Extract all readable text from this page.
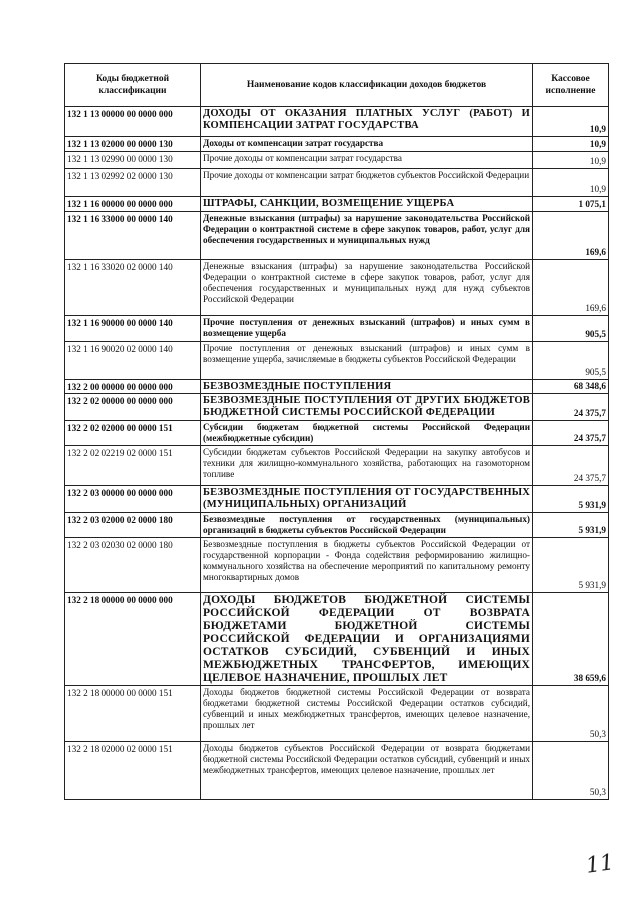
Коды бюджетной классификации	Наименование кодов классификации доходов бюджетов	Кассовое исполнение
132 1 13 00000 00 0000 000	ДОХОДЫ ОТ ОКАЗАНИЯ ПЛАТНЫХ УСЛУГ (РАБОТ) И КОМПЕНСАЦИИ ЗАТРАТ ГОСУДАРСТВА	10,9
132 1 13 02000 00 0000 130	Доходы от компенсации затрат государства	10,9
132 1 13 02990 00 0000 130	Прочие доходы от компенсации затрат государства	10,9
132 1 13 02992 02 0000 130	Прочие доходы от компенсации затрат бюджетов субъектов Российской Федерации	10,9
132 1 16 00000 00 0000 000	ШТРАФЫ, САНКЦИИ, ВОЗМЕЩЕНИЕ УЩЕРБА	1 075,1
132 1 16 33000 00 0000 140	Денежные взыскания (штрафы) за нарушение законодательства Российской Федерации о контрактной системе в сфере закупок товаров, работ, услуг для обеспечения государственных и муниципальных нужд	169,6
132 1 16 33020 02 0000 140	Денежные взыскания (штрафы) за нарушение законодательства Российской Федерации о контрактной системе в сфере закупок товаров, работ, услуг для обеспечения государственных и муниципальных нужд для нужд субъектов Российской Федерации	169,6
132 1 16 90000 00 0000 140	Прочие поступления от денежных взысканий (штрафов) и иных сумм в возмещение ущерба	905,5
132 1 16 90020 02 0000 140	Прочие поступления от денежных взысканий (штрафов) и иных сумм в возмещение ущерба, зачисляемые в бюджеты субъектов Российской Федерации	905,5
132 2 00 00000 00 0000 000	БЕЗВОЗМЕЗДНЫЕ ПОСТУПЛЕНИЯ	68 348,6
132 2 02 00000 00 0000 000	БЕЗВОЗМЕЗДНЫЕ ПОСТУПЛЕНИЯ ОТ ДРУГИХ БЮДЖЕТОВ БЮДЖЕТНОЙ СИСТЕМЫ РОССИЙСКОЙ ФЕДЕРАЦИИ	24 375,7
132 2 02 02000 00 0000 151	Субсидии бюджетам бюджетной системы Российской Федерации (межбюджетные субсидии)	24 375,7
132 2 02 02219 02 0000 151	Субсидии бюджетам субъектов Российской Федерации на закупку автобусов и техники для жилищно-коммунального хозяйства, работающих на газомоторном топливе	24 375,7
132 2 03 00000 00 0000 000	БЕЗВОЗМЕЗДНЫЕ ПОСТУПЛЕНИЯ ОТ ГОСУДАРСТВЕННЫХ (МУНИЦИПАЛЬНЫХ) ОРГАНИЗАЦИЙ	5 931,9
132 2 03 02000 02 0000 180	Безвозмездные поступления от государственных (муниципальных) организаций в бюджеты субъектов Российской Федерации	5 931,9
132 2 03 02030 02 0000 180	Безвозмездные поступления в бюджеты субъектов Российской Федерации от государственной корпорации - Фонда содействия реформированию жилищно-коммунального хозяйства на обеспечение мероприятий по капитальному ремонту многоквартирных домов	5 931,9
132 2 18 00000 00 0000 000	ДОХОДЫ БЮДЖЕТОВ БЮДЖЕТНОЙ СИСТЕМЫ РОССИЙСКОЙ ФЕДЕРАЦИИ ОТ ВОЗВРАТА БЮДЖЕТАМИ БЮДЖЕТНОЙ СИСТЕМЫ РОССИЙСКОЙ ФЕДЕРАЦИИ И ОРГАНИЗАЦИЯМИ ОСТАТКОВ СУБСИДИЙ, СУБВЕНЦИЙ И ИНЫХ МЕЖБЮДЖЕТНЫХ ТРАНСФЕРТОВ, ИМЕЮЩИХ ЦЕЛЕВОЕ НАЗНАЧЕНИЕ, ПРОШЛЫХ ЛЕТ	38 659,6
132 2 18 00000 00 0000 151	Доходы бюджетов бюджетной системы Российской Федерации от возврата бюджетами бюджетной системы Российской Федерации остатков субсидий, субвенций и иных межбюджетных трансфертов, имеющих целевое назначение, прошлых лет	50,3
132 2 18 02000 02 0000 151	Доходы бюджетов субъектов Российской Федерации от возврата бюджетами бюджетной системы Российской Федерации остатков субсидий, субвенций и иных межбюджетных трансфертов, имеющих целевое назначение, прошлых лет	50,3
11
